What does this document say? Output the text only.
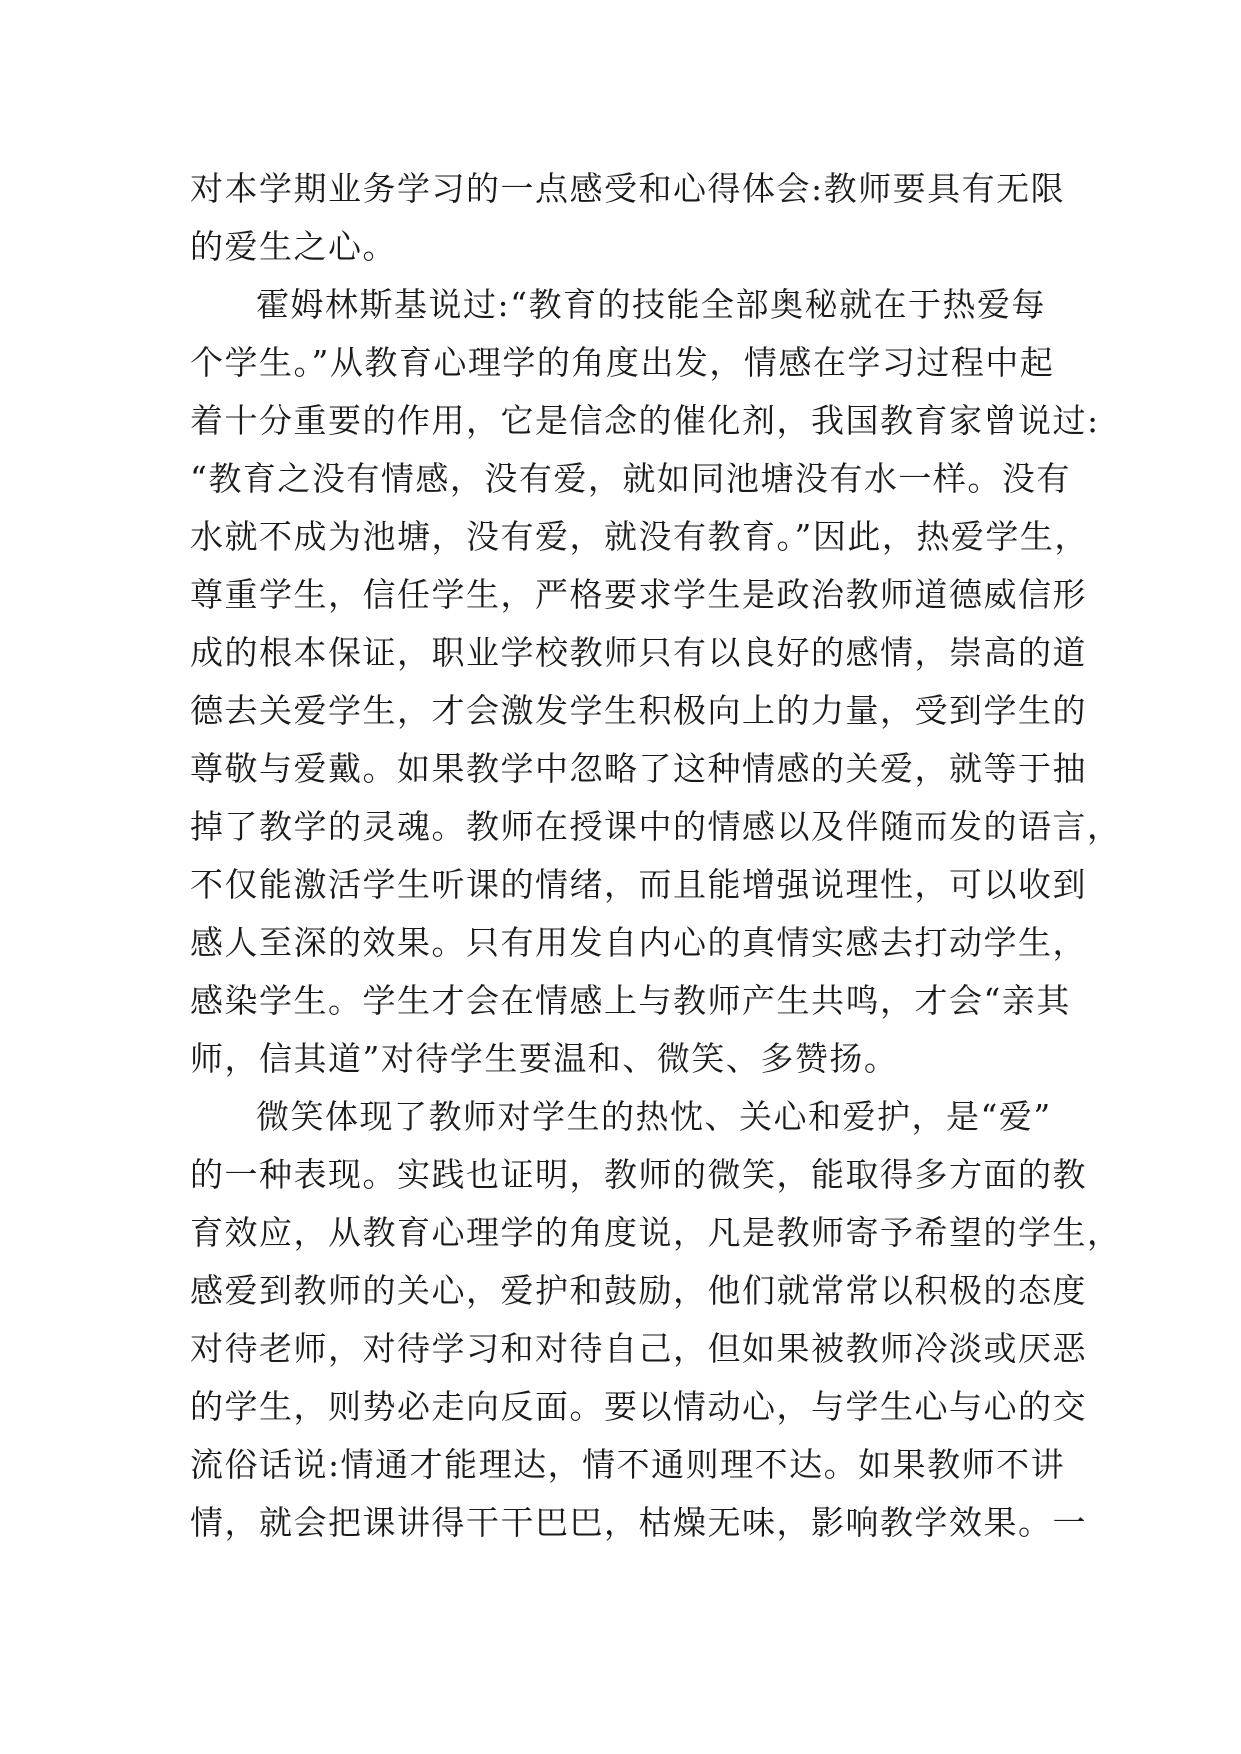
对本学期业务学习的一点感受和心得体会:教师要具有无限
的爱生之心。
霍姆林斯基说过:“教育的技能全部奥秘就在于热爱每
个学生。”从教育心理学的角度出发，情感在学习过程中起
着十分重要的作用，它是信念的催化剂，我国教育家曾说过:
“教育之没有情感，没有爱，就如同池塘没有水一样。没有
水就不成为池塘，没有爱，就没有教育。”因此，热爱学生，
尊重学生，信任学生，严格要求学生是政治教师道德威信形
成的根本保证，职业学校教师只有以良好的感情，崇高的道
德去关爱学生，才会激发学生积极向上的力量，受到学生的
尊敬与爱戴。如果教学中忽略了这种情感的关爱，就等于抽
掉了教学的灵魂。教师在授课中的情感以及伴随而发的语言，
不仅能激活学生听课的情绪，而且能增强说理性，可以收到
感人至深的效果。只有用发自内心的真情实感去打动学生，
感染学生。学生才会在情感上与教师产生共鸣，才会“亲其
师，信其道”对待学生要温和、微笑、多赞扬。
微笑体现了教师对学生的热忱、关心和爱护，是“爱”
的一种表现。实践也证明，教师的微笑，能取得多方面的教
育效应，从教育心理学的角度说，凡是教师寄予希望的学生，
感爱到教师的关心，爱护和鼓励，他们就常常以积极的态度
对待老师，对待学习和对待自己，但如果被教师冷淡或厌恶
的学生，则势必走向反面。要以情动心，与学生心与心的交
流俗话说:情通才能理达，情不通则理不达。如果教师不讲
情，就会把课讲得干干巴巴，枯燥无味，影响教学效果。一
